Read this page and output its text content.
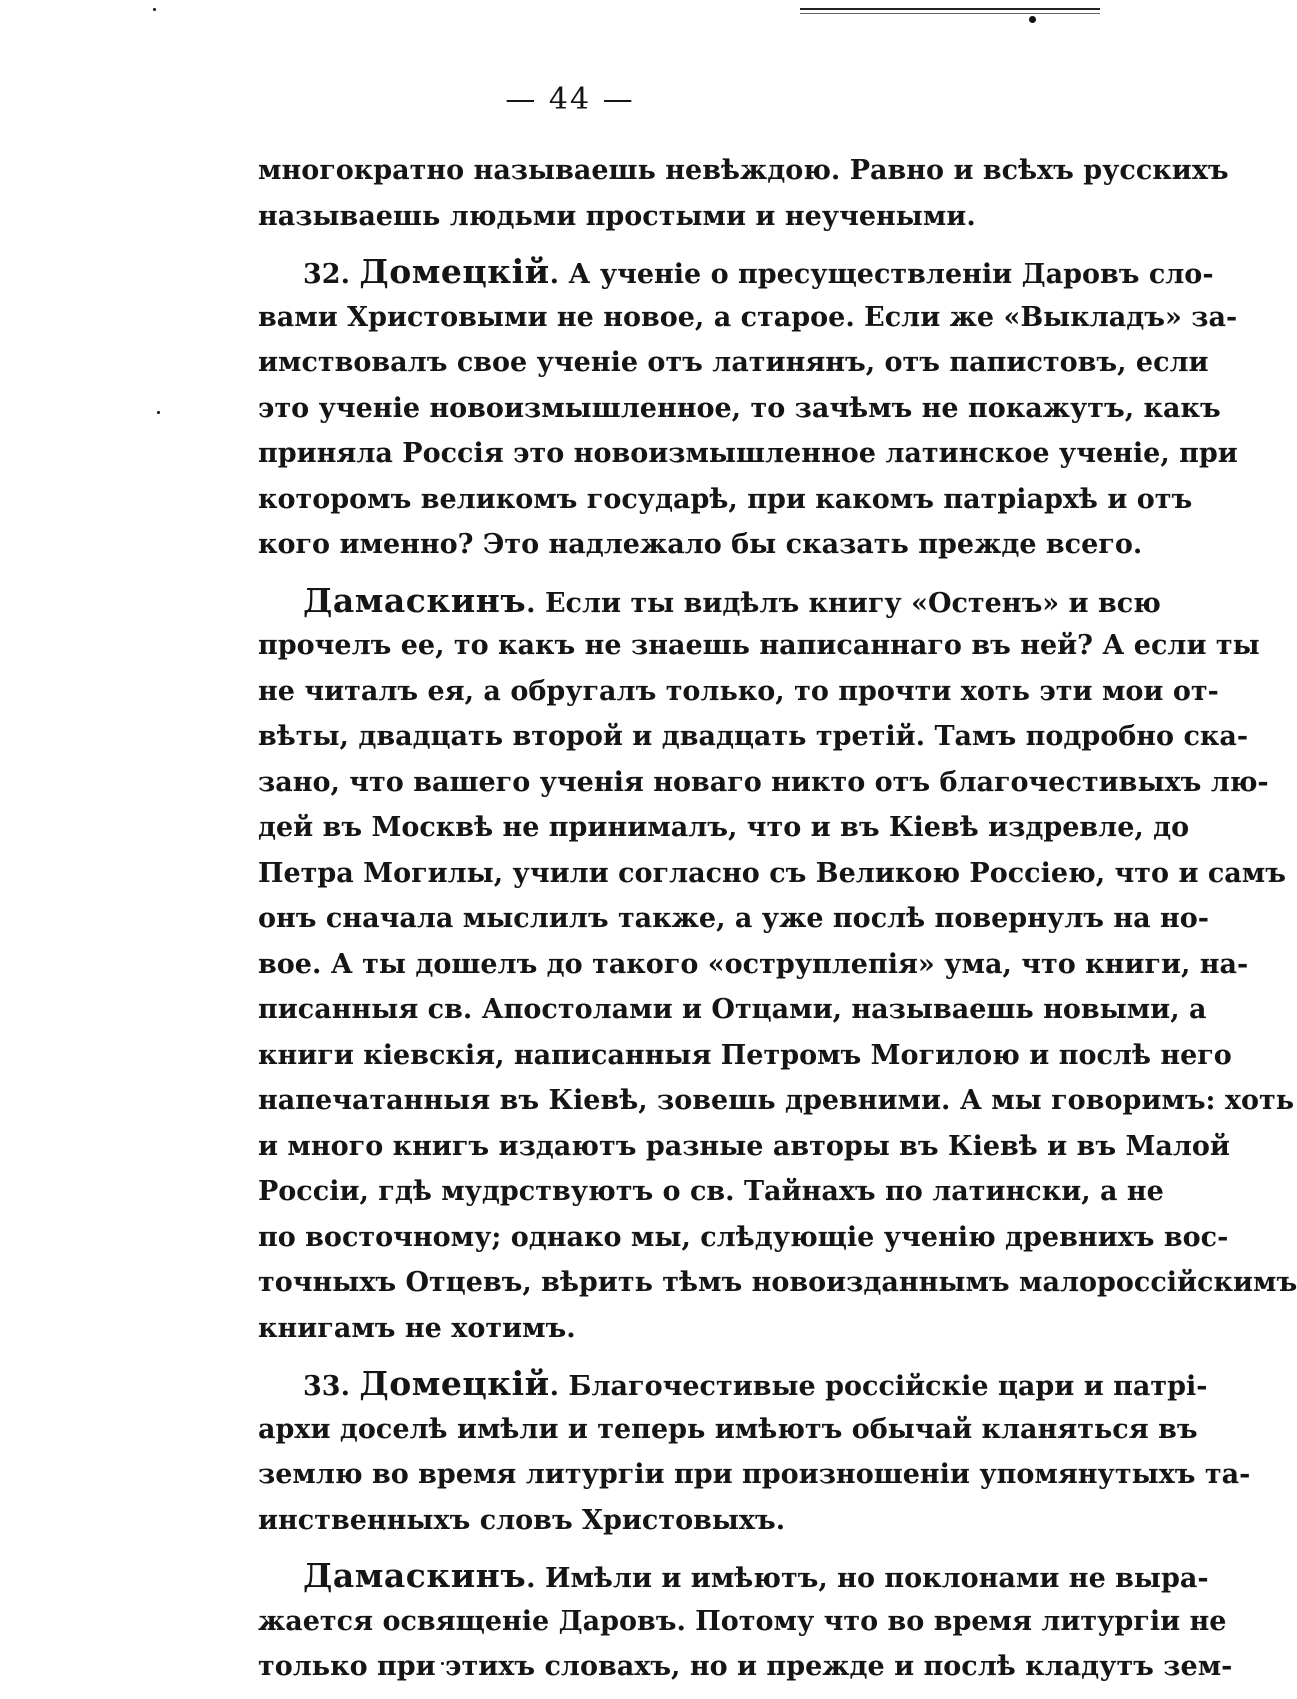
— 44 —
многократно называешь невѣждою. Равно и всѣхъ русскихъ
называешь людьми простыми и неучеными.
32. Домецкій. А ученіе о пресуществленіи Даровъ сло-
вами Христовыми не новое, а старое. Если же «Выкладъ» за-
имствовалъ свое ученіе отъ латинянъ, отъ папистовъ, если
это ученіе новоизмышленное, то зачѣмъ не покажутъ, какъ
приняла Россія это новоизмышленное латинское ученіе, при
которомъ великомъ государѣ, при какомъ патріархѣ и отъ
кого именно? Это надлежало бы сказать прежде всего.
Дамаскинъ. Если ты видѣлъ книгу «Остенъ» и всю
прочелъ ее, то какъ не знаешь написаннаго въ ней? А если ты
не читалъ ея, а обругалъ только, то прочти хоть эти мои от-
вѣты, двадцать второй и двадцать третій. Тамъ подробно ска-
зано, что вашего ученія новаго никто отъ благочестивыхъ лю-
дей въ Москвѣ не принималъ, что и въ Кіевѣ издревле, до
Петра Могилы, учили согласно съ Великою Россіею, что и самъ
онъ сначала мыслилъ также, а уже послѣ повернулъ на но-
вое. А ты дошелъ до такого «оструплепія» ума, что книги, на-
писанныя св. Апостолами и Отцами, называешь новыми, а
книги кіевскія, написанныя Петромъ Могилою и послѣ него
напечатанныя въ Кіевѣ, зовешь древними. А мы говоримъ: хоть
и много книгъ издаютъ разные авторы въ Кіевѣ и въ Малой
Россіи, гдѣ мудрствуютъ о св. Тайнахъ по латински, а не
по восточному; однако мы, слѣдующіе ученію древнихъ вос-
точныхъ Отцевъ, вѣрить тѣмъ новоизданнымъ малороссійскимъ
книгамъ не хотимъ.
33. Домецкій. Благочестивые россійскіе цари и патрі-
архи доселѣ имѣли и теперь имѣютъ обычай кланяться въ
землю во время литургіи при произношеніи упомянутыхъ та-
инственныхъ словъ Христовыхъ.
Дамаскинъ. Имѣли и имѣютъ, но поклонами не выра-
жается освященіе Даровъ. Потому что во время литургіи не
только при этихъ словахъ, но и прежде и послѣ кладутъ зем-
